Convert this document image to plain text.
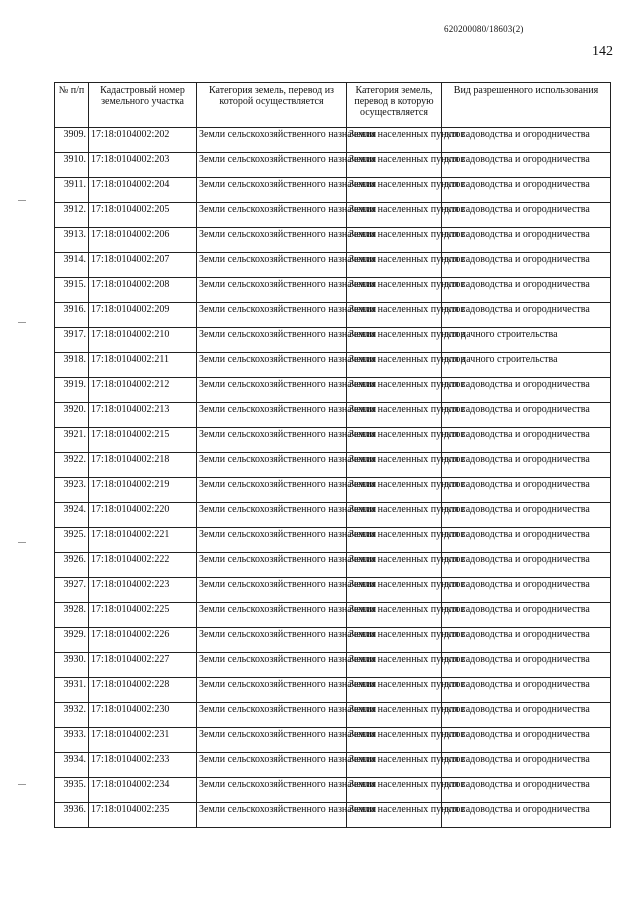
620200080/18603(2)
142
№ п/п	Кадастровый номер земельного участка	Категория земель, перевод из которой осуществляется	Категория земель, перевод в которую осуществляется	Вид разрешенного использования
3909.	17:18:0104002:202	Земли сельскохозяйственного назначения	Земли населенных пунктов	для садоводства и огородничества
3910.	17:18:0104002:203	Земли сельскохозяйственного назначения	Земли населенных пунктов	для садоводства и огородничества
3911.	17:18:0104002:204	Земли сельскохозяйственного назначения	Земли населенных пунктов	для садоводства и огородничества
3912.	17:18:0104002:205	Земли сельскохозяйственного назначения	Земли населенных пунктов	для садоводства и огородничества
3913.	17:18:0104002:206	Земли сельскохозяйственного назначения	Земли населенных пунктов	для садоводства и огородничества
3914.	17:18:0104002:207	Земли сельскохозяйственного назначения	Земли населенных пунктов	для садоводства и огородничества
3915.	17:18:0104002:208	Земли сельскохозяйственного назначения	Земли населенных пунктов	для садоводства и огородничества
3916.	17:18:0104002:209	Земли сельскохозяйственного назначения	Земли населенных пунктов	для садоводства и огородничества
3917.	17:18:0104002:210	Земли сельскохозяйственного назначения	Земли населенных пунктов	для дачного строительства
3918.	17:18:0104002:211	Земли сельскохозяйственного назначения	Земли населенных пунктов	для дачного строительства
3919.	17:18:0104002:212	Земли сельскохозяйственного назначения	Земли населенных пунктов	для садоводства и огородничества
3920.	17:18:0104002:213	Земли сельскохозяйственного назначения	Земли населенных пунктов	для садоводства и огородничества
3921.	17:18:0104002:215	Земли сельскохозяйственного назначения	Земли населенных пунктов	для садоводства и огородничества
3922.	17:18:0104002:218	Земли сельскохозяйственного назначения	Земли населенных пунктов	для садоводства и огородничества
3923.	17:18:0104002:219	Земли сельскохозяйственного назначения	Земли населенных пунктов	для садоводства и огородничества
3924.	17:18:0104002:220	Земли сельскохозяйственного назначения	Земли населенных пунктов	для садоводства и огородничества
3925.	17:18:0104002:221	Земли сельскохозяйственного назначения	Земли населенных пунктов	для садоводства и огородничества
3926.	17:18:0104002:222	Земли сельскохозяйственного назначения	Земли населенных пунктов	для садоводства и огородничества
3927.	17:18:0104002:223	Земли сельскохозяйственного назначения	Земли населенных пунктов	для садоводства и огородничества
3928.	17:18:0104002:225	Земли сельскохозяйственного назначения	Земли населенных пунктов	для садоводства и огородничества
3929.	17:18:0104002:226	Земли сельскохозяйственного назначения	Земли населенных пунктов	для садоводства и огородничества
3930.	17:18:0104002:227	Земли сельскохозяйственного назначения	Земли населенных пунктов	для садоводства и огородничества
3931.	17:18:0104002:228	Земли сельскохозяйственного назначения	Земли населенных пунктов	для садоводства и огородничества
3932.	17:18:0104002:230	Земли сельскохозяйственного назначения	Земли населенных пунктов	для садоводства и огородничества
3933.	17:18:0104002:231	Земли сельскохозяйственного назначения	Земли населенных пунктов	для садоводства и огородничества
3934.	17:18:0104002:233	Земли сельскохозяйственного назначения	Земли населенных пунктов	для садоводства и огородничества
3935.	17:18:0104002:234	Земли сельскохозяйственного назначения	Земли населенных пунктов	для садоводства и огородничества
3936.	17:18:0104002:235	Земли сельскохозяйственного назначения	Земли населенных пунктов	для садоводства и огородничества
